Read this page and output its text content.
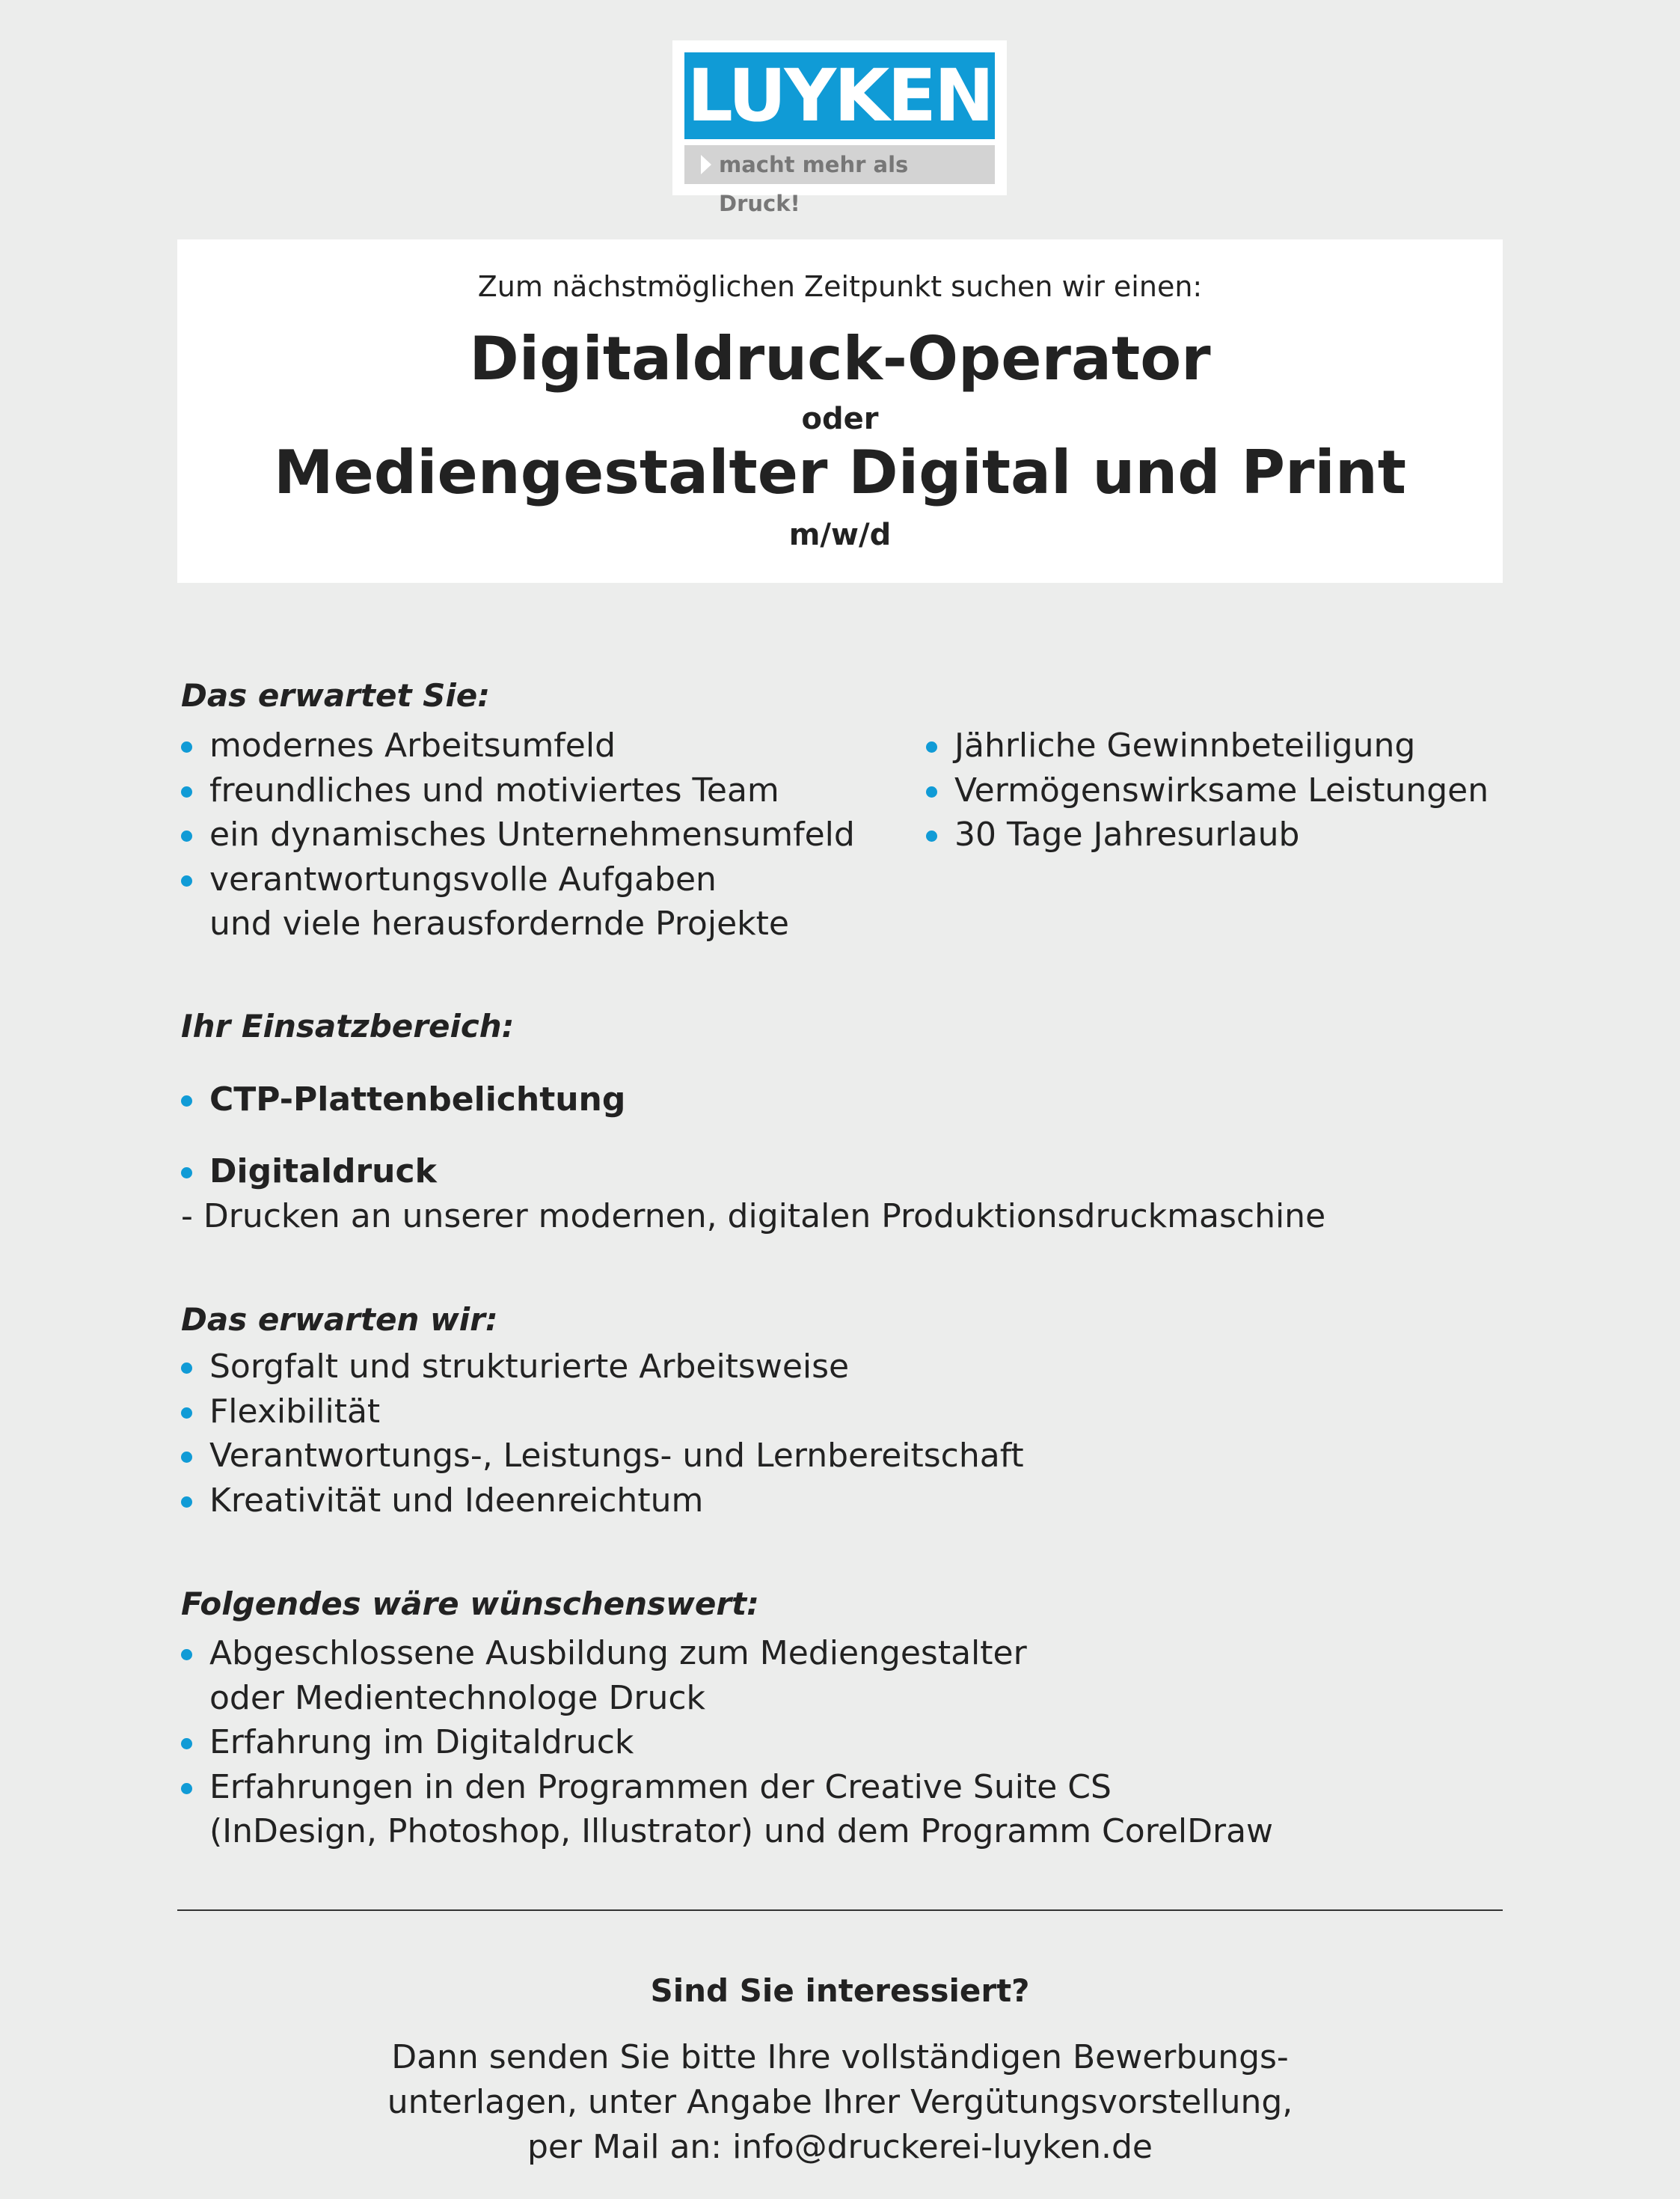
LUYKEN
macht mehr als Druck!
Zum nächstmöglichen Zeitpunkt suchen wir einen:
Digitaldruck-Operator
oder
Mediengestalter Digital und Print
m/w/d
Das erwartet Sie:
modernes Arbeitsumfeld
freundliches und motiviertes Team
ein dynamisches Unternehmensumfeld
verantwortungsvolle Aufgaben
und viele herausfordernde Projekte
Jährliche Gewinnbeteiligung
Vermögenswirksame Leistungen
30 Tage Jahresurlaub
Ihr Einsatzbereich:
CTP-Plattenbelichtung
Digitaldruck
- Drucken an unserer modernen, digitalen Produktionsdruckmaschine
Das erwarten wir:
Sorgfalt und strukturierte Arbeitsweise
Flexibilität
Verantwortungs-, Leistungs- und Lernbereitschaft
Kreativität und Ideenreichtum
Folgendes wäre wünschenswert:
Abgeschlossene Ausbildung zum Mediengestalter
oder Medientechnologe Druck
Erfahrung im Digitaldruck
Erfahrungen in den Programmen der Creative Suite CS
(InDesign, Photoshop, Illustrator) und dem Programm CorelDraw
Sind Sie interessiert?
Dann senden Sie bitte Ihre vollständigen Bewerbungs-
unterlagen, unter Angabe Ihrer Vergütungsvorstellung,
per Mail an: info@druckerei-luyken.de
